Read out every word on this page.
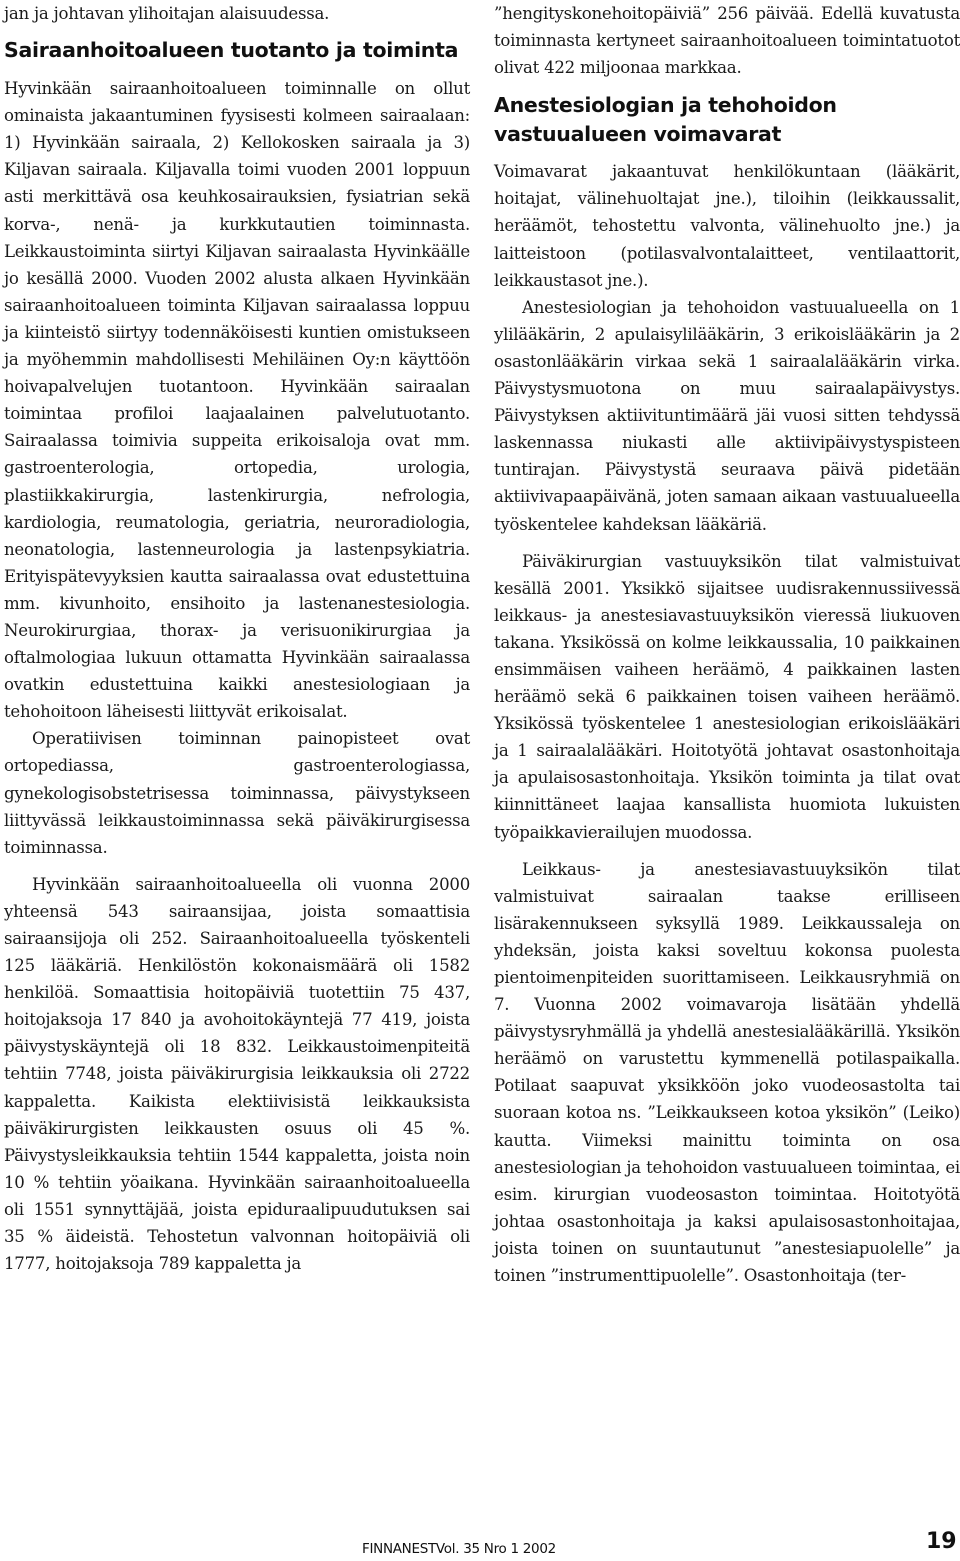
jan ja johtavan ylihoitajan alaisuudessa.

Sairaanhoitoalueen tuotanto ja toiminta

Hyvinkään sairaanhoitoalueen toiminnalle on ollut ominaista jakaantuminen fyysisesti kolmeen sairaalaan: 1) Hyvinkään sairaala, 2) Kellokosken sairaala ja 3) Kiljavan sairaala. Kiljavalla toimi vuoden 2001 loppuun asti merkittävä osa keuhkosairauksien, fysiatrian sekä korva-, nenä- ja kurkkutautien toiminnasta. Leikkaustoiminta siirtyi Kiljavan sairaalasta Hyvinkäälle jo kesällä 2000. Vuoden 2002 alusta alkaen Hyvinkään sairaanhoitoalueen toiminta Kiljavan sairaalassa loppuu ja kiinteistö siirtyy todennäköisesti kuntien omistukseen ja myöhemmin mahdollisesti Mehiläinen Oy:n käyttöön hoivapalvelujen tuotantoon. Hyvinkään sairaalan toimintaa profiloi laajaalainen palvelutuotanto. Sairaalassa toimivia suppeita erikoisaloja ovat mm. gastroenterologia, ortopedia, urologia, plastiikkakirurgia, lastenkirurgia, nefrologia, kardiologia, reumatologia, geriatria, neuroradiologia, neonatologia, lastenneurologia ja lastenpsykiatria. Erityispätevyyksien kautta sairaalassa ovat edustettuina mm. kivunhoito, ensihoito ja lastenanestesiologia. Neurokirurgiaa, thorax- ja verisuonikirurgiaa ja oftalmologiaa lukuun ottamatta Hyvinkään sairaalassa ovatkin edustettuina kaikki anestesiologiaan ja tehohoitoon läheisesti liittyvät erikoisalat.

Operatiivisen toiminnan painopisteet ovat ortopediassa, gastroenterologiassa, gynekologisobstetrisessa toiminnassa, päivystykseen liittyvässä leikkaustoiminnassa sekä päiväkirurgisessa toiminnassa.

Hyvinkään sairaanhoitoalueella oli vuonna 2000 yhteensä 543 sairaansijaa, joista somaattisia sairaansijoja oli 252. Sairaanhoitoalueella työskenteli 125 lääkäriä. Henkilöstön kokonaismäärä oli 1582 henkilöä. Somaattisia hoitopäiviä tuotettiin 75 437, hoitojaksoja 17 840 ja avohoitokäyntejä 77 419, joista päivystyskäyntejä oli 18 832. Leikkaustoimenpiteitä tehtiin 7748, joista päiväkirurgisia leikkauksia oli 2722 kappaletta. Kaikista elektiivisistä leikkauksista päiväkirurgisten leikkausten osuus oli 45 %. Päivystysleikkauksia tehtiin 1544 kappaletta, joista noin 10 % tehtiin yöaikana. Hyvinkään sairaanhoitoalueella oli 1551 synnyttäjää, joista epiduraalipuudutuksen sai 35 % äideistä. Tehostetun valvonnan hoitopäiviä oli 1777, hoitojaksoja 789 kappaletta ja

”hengityskonehoitopäiviä” 256 päivää. Edellä kuvatusta toiminnasta kertyneet sairaanhoitoalueen toimintatuotot olivat 422 miljoonaa markkaa.

Anestesiologian ja tehohoidon vastuualueen voimavarat

Voimavarat jakaantuvat henkilökuntaan (lääkärit, hoitajat, välinehuoltajat jne.), tiloihin (leikkaussalit, heräämöt, tehostettu valvonta, välinehuolto jne.) ja laitteistoon (potilasvalvontalaitteet, ventilaattorit, leikkaustasot jne.).

Anestesiologian ja tehohoidon vastuualueella on 1 ylilääkärin, 2 apulaisylilääkärin, 3 erikoislääkärin ja 2 osastonlääkärin virkaa sekä 1 sairaalalääkärin virka. Päivystysmuotona on muu sairaalapäivystys. Päivystyksen aktiivituntimäärä jäi vuosi sitten tehdyssä laskennassa niukasti alle aktiivipäivystyspisteen tuntirajan. Päivystystä seuraava päivä pidetään aktiivivapaapäivänä, joten samaan aikaan vastuualueella työskentelee kahdeksan lääkäriä.

Päiväkirurgian vastuuyksikön tilat valmistuivat kesällä 2001. Yksikkö sijaitsee uudisrakennussiivessä leikkaus- ja anestesiavastuuyksikön vieressä liukuoven takana. Yksikössä on kolme leikkaussalia, 10 paikkainen ensimmäisen vaiheen heräämö, 4 paikkainen lasten heräämö sekä 6 paikkainen toisen vaiheen heräämö. Yksikössä työskentelee 1 anestesiologian erikoislääkäri ja 1 sairaalalääkäri. Hoitotyötä johtavat osastonhoitaja ja apulaisosastonhoitaja. Yksikön toiminta ja tilat ovat kiinnittäneet laajaa kansallista huomiota lukuisten työpaikkavierailujen muodossa.

Leikkaus- ja anestesiavastuuyksikön tilat valmistuivat sairaalan taakse erilliseen lisärakennukseen syksyllä 1989. Leikkaussaleja on yhdeksän, joista kaksi soveltuu kokonsa puolesta pientoimenpiteiden suorittamiseen. Leikkausryhmiä on 7. Vuonna 2002 voimavaroja lisätään yhdellä päivystysryhmällä ja yhdellä anestesialääkärillä. Yksikön heräämö on varustettu kymmenellä potilaspaikalla. Potilaat saapuvat yksikköön joko vuodeosastolta tai suoraan kotoa ns. ”Leikkaukseen kotoa yksikön” (Leiko) kautta. Viimeksi mainittu toiminta on osa anestesiologian ja tehohoidon vastuualueen toimintaa, ei esim. kirurgian vuodeosaston toimintaa. Hoitotyötä johtaa osastonhoitaja ja kaksi apulaisosastonhoitajaa, joista toinen on suuntautunut ”anestesiapuolelle” ja toinen ”instrumenttipuolelle”. Osastonhoitaja (ter-

FINNANESTVol. 35 Nro 1 2002	19
